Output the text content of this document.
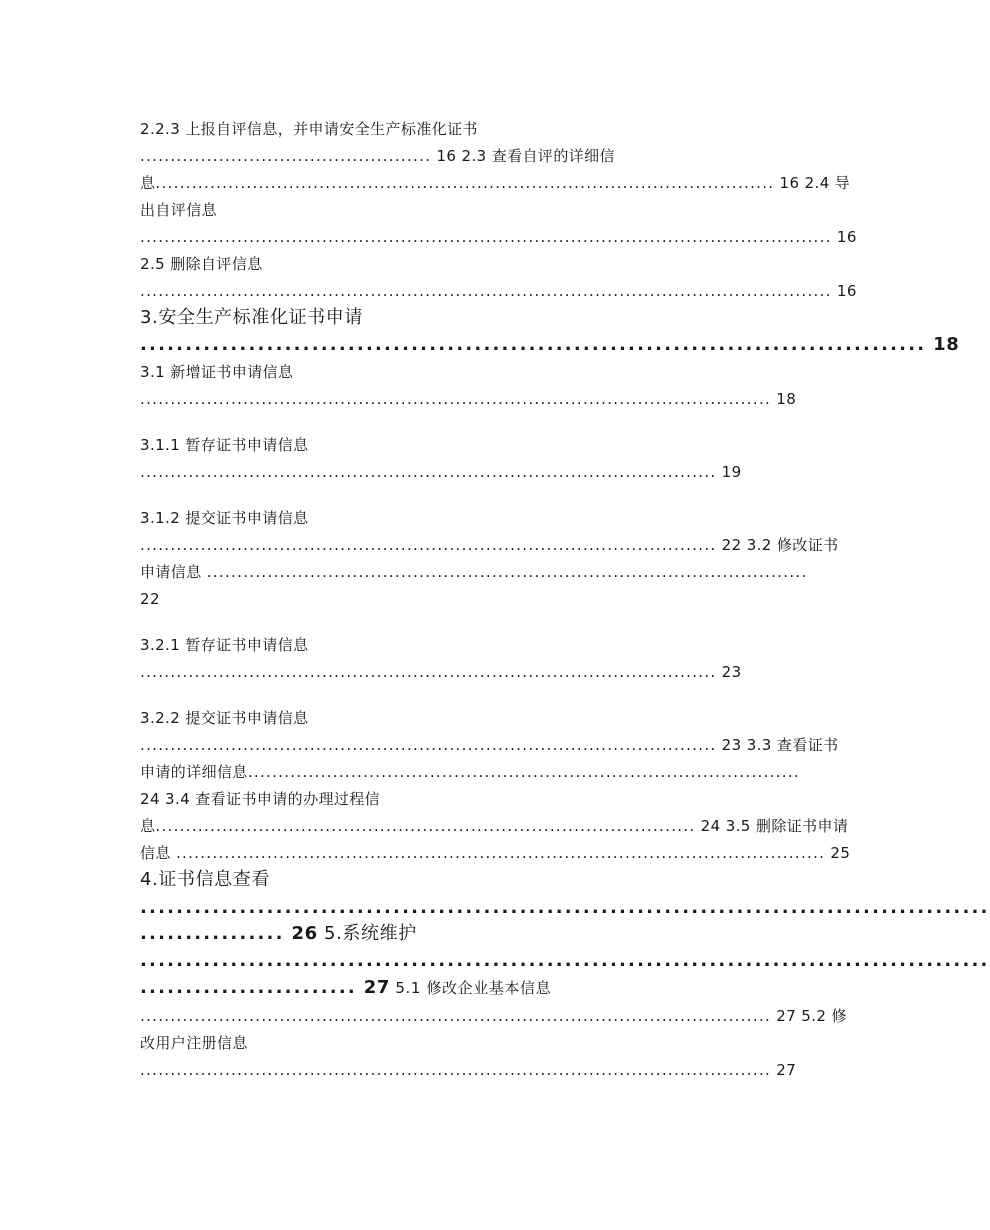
2.2.3 上报自评信息，并申请安全生产标准化证书
................................................ 16 2.3 查看自评的详细信
息...................................................................................................... 16 2.4 导
出自评信息
.................................................................................................................. 16
2.5 删除自评信息
.................................................................................................................. 16
3.安全生产标准化证书申请
....................................................................................... 18
3.1 新增证书申请信息
........................................................................................................ 18
3.1.1 暂存证书申请信息
............................................................................................... 19
3.1.2 提交证书申请信息
............................................................................................... 22 3.2 修改证书
申请信息 ...................................................................................................
22
3.2.1 暂存证书申请信息
............................................................................................... 23
3.2.2 提交证书申请信息
............................................................................................... 23 3.3 查看证书
申请的详细信息...........................................................................................
24 3.4 查看证书申请的办理过程信
息......................................................................................... 24 3.5 删除证书申请
信息 ........................................................................................................... 25
4.证书信息查看
..............................................................................................
................ 26 5.系统维护
..............................................................................................
........................ 27 5.1 修改企业基本信息
........................................................................................................ 27 5.2 修
改用户注册信息
........................................................................................................ 27
